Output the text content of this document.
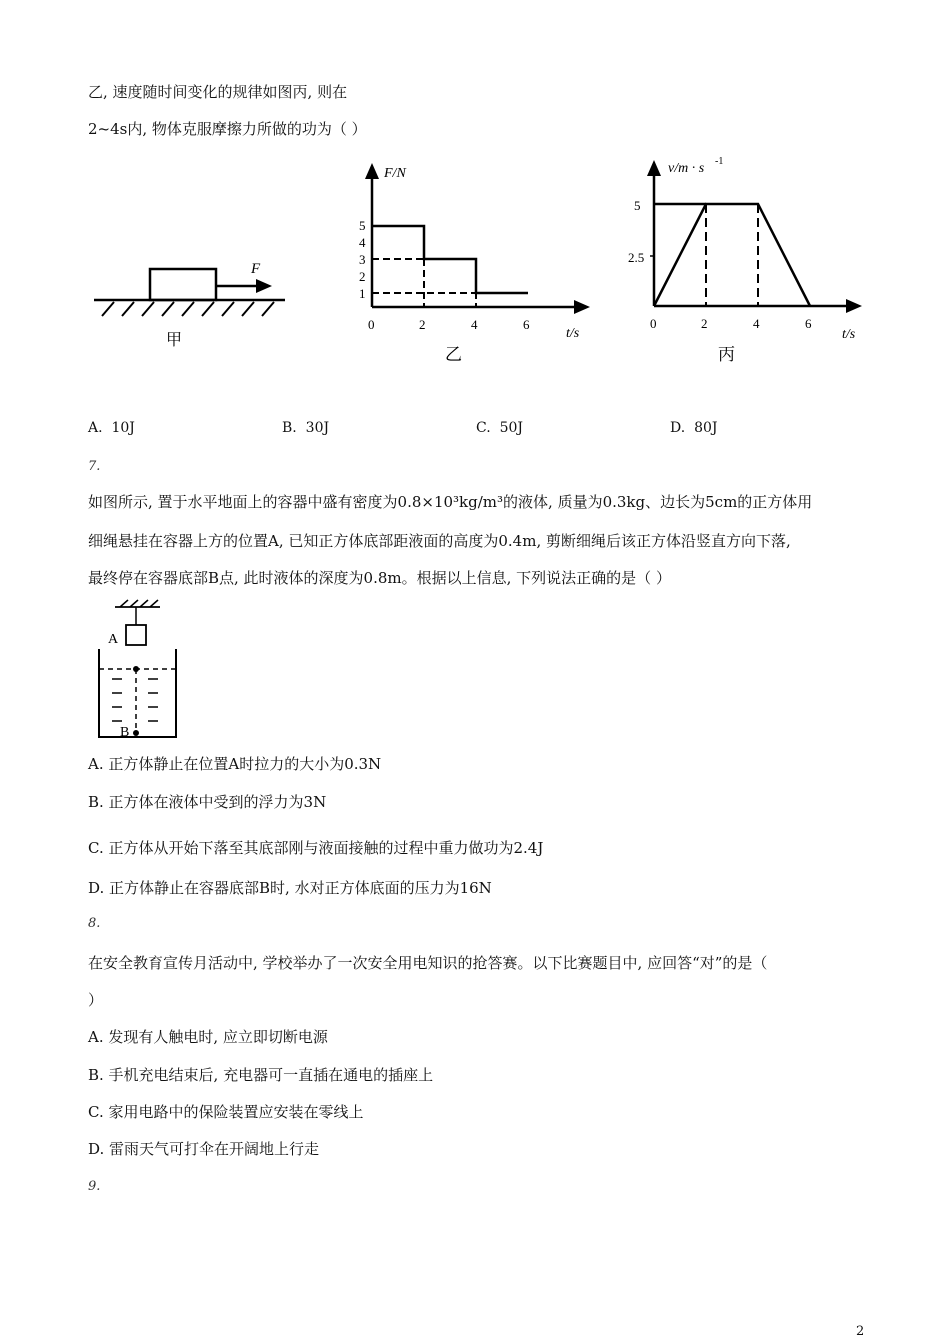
乙, 速度随时间变化的规律如图丙, 则在
2~4s内, 物体克服摩擦力所做的功为（ ）
F
甲
F/N
t/s
0	2	4	6
1
2
3
4
5
乙
v/m · s -1
t/s
0	2	4	6
2.5
5
丙
A. 10J	B. 30J	C. 50J	D. 80J
7.
如图所示, 置于水平地面上的容器中盛有密度为0.8×10³kg/m³的液体, 质量为0.3kg、边长为5cm的正方体用
细绳悬挂在容器上方的位置A, 已知正方体底部距液面的高度为0.4m, 剪断细绳后该正方体沿竖直方向下落,
最终停在容器底部B点, 此时液体的深度为0.8m。根据以上信息, 下列说法正确的是（ ）
A
B
A. 正方体静止在位置A时拉力的大小为0.3N
B. 正方体在液体中受到的浮力为3N
C. 正方体从开始下落至其底部刚与液面接触的过程中重力做功为2.4J
D. 正方体静止在容器底部B时, 水对正方体底面的压力为16N
8.
在安全教育宣传月活动中, 学校举办了一次安全用电知识的抢答赛。以下比赛题目中, 应回答“对”的是（
）
A. 发现有人触电时, 应立即切断电源
B. 手机充电结束后, 充电器可一直插在通电的插座上
C. 家用电路中的保险装置应安装在零线上
D. 雷雨天气可打伞在开阔地上行走
9.
2
